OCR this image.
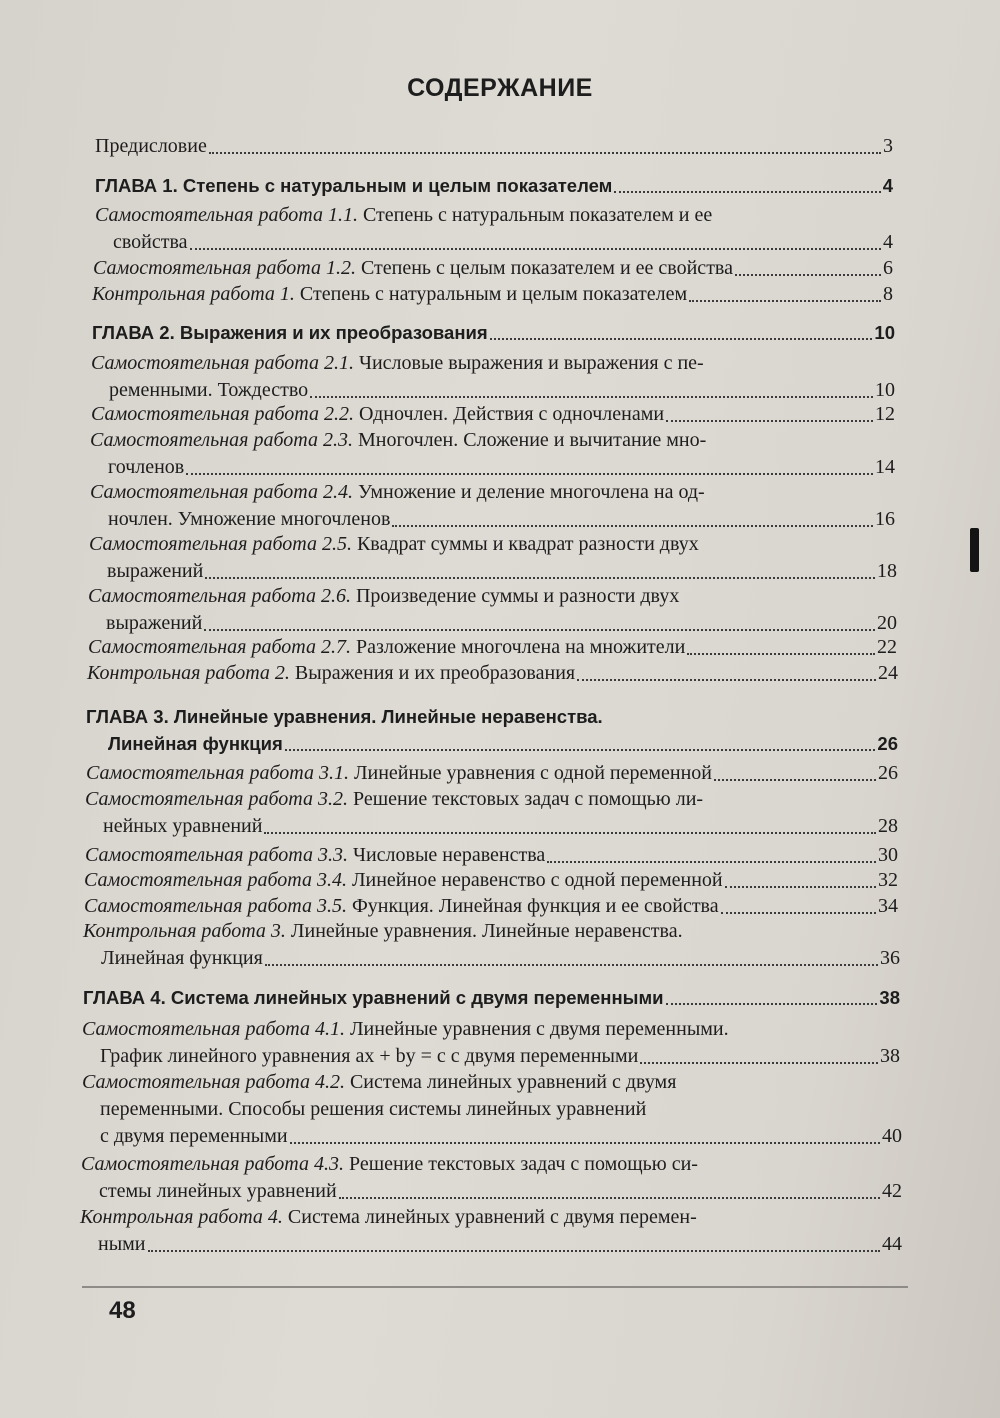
СОДЕРЖАНИЕ
Предисловие	3
ГЛАВА 1. Степень с натуральным и целым показателем	4
Самостоятельная работа 1.1. Степень с натуральным показателем и ее
свойства	4
Самостоятельная работа 1.2. Степень с целым показателем и ее свойства	6
Контрольная работа 1. Степень с натуральным и целым показателем	8
ГЛАВА 2. Выражения и их преобразования	10
Самостоятельная работа 2.1. Числовые выражения и выражения с пе-
ременными. Тождество	10
Самостоятельная работа 2.2. Одночлен. Действия с одночленами	12
Самостоятельная работа 2.3. Многочлен. Сложение и вычитание мно-
гочленов	14
Самостоятельная работа 2.4. Умножение и деление многочлена на од-
ночлен. Умножение многочленов	16
Самостоятельная работа 2.5. Квадрат суммы и квадрат разности двух
выражений	18
Самостоятельная работа 2.6. Произведение суммы и разности двух
выражений	20
Самостоятельная работа 2.7. Разложение многочлена на множители	22
Контрольная работа 2. Выражения и их преобразования	24
ГЛАВА 3. Линейные уравнения. Линейные неравенства.
Линейная функция	26
Самостоятельная работа 3.1. Линейные уравнения с одной переменной	26
Самостоятельная работа 3.2. Решение текстовых задач с помощью ли-
нейных уравнений	28
Самостоятельная работа 3.3. Числовые неравенства	30
Самостоятельная работа 3.4. Линейное неравенство с одной переменной	32
Самостоятельная работа 3.5. Функция. Линейная функция и ее свойства	34
Контрольная работа 3. Линейные уравнения. Линейные неравенства.
Линейная функция	36
ГЛАВА 4. Система линейных уравнений с двумя переменными	38
Самостоятельная работа 4.1. Линейные уравнения с двумя переменными.
График линейного уравнения ax + by = c с двумя переменными	38
Самостоятельная работа 4.2. Система линейных уравнений с двумя
переменными. Способы решения системы линейных уравнений
с двумя переменными	40
Самостоятельная работа 4.3. Решение текстовых задач с помощью си-
стемы линейных уравнений	42
Контрольная работа 4. Система линейных уравнений с двумя перемен-
ными	44
48
